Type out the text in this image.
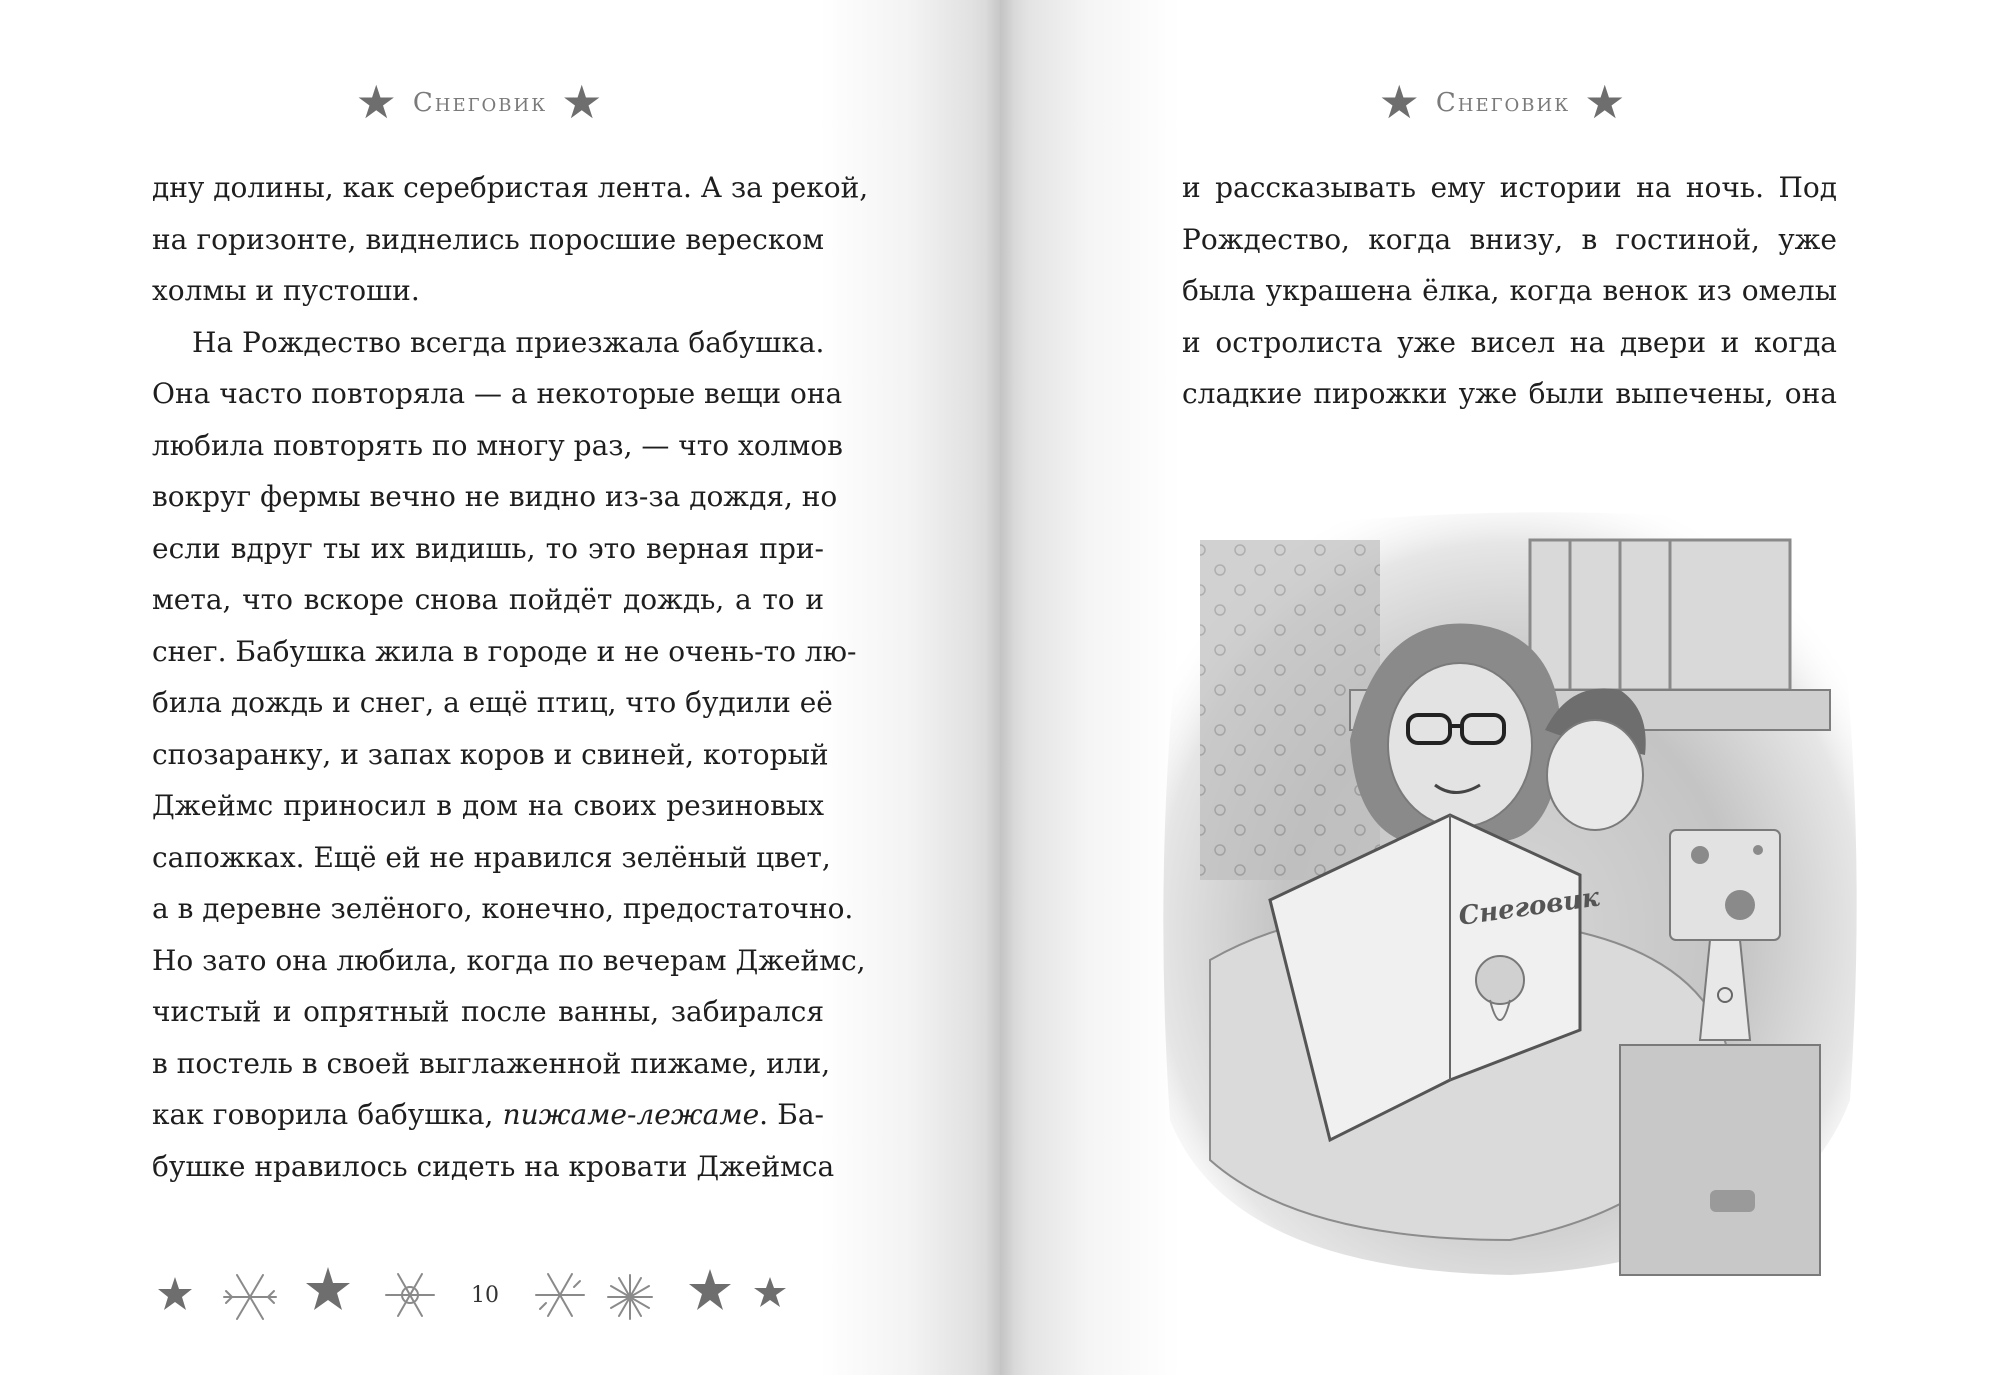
★ Снеговик ★
дну долины, как серебристая лента. А за рекой,
на горизонте, виднелись поросшие вереском
холмы и пустоши.
На Рождество всегда приезжала бабушка.
Она часто повторяла — а некоторые вещи она
любила повторять по многу раз, — что холмов
вокруг фермы вечно не видно из-за дождя, но
если вдруг ты их видишь, то это верная при-
мета, что вскоре снова пойдёт дождь, а то и
снег. Бабушка жила в городе и не очень-то лю-
била дождь и снег, а ещё птиц, что будили её
спозаранку, и запах коров и свиней, который
Джеймс приносил в дом на своих резиновых
сапожках. Ещё ей не нравился зелёный цвет,
а в деревне зелёного, конечно, предостаточно.
Но зато она любила, когда по вечерам Джеймс,
чистый и опрятный после ванны, забирался
в постель в своей выглаженной пижаме, или,
как говорила бабушка, пижаме-лежаме. Ба-
бушке нравилось сидеть на кровати Джеймса
10
★ Снеговик ★
и рассказывать ему истории на ночь. Под
Рождество, когда внизу, в гостиной, уже
была украшена ёлка, когда венок из омелы
и остролиста уже висел на двери и когда
сладкие пирожки уже были выпечены, она
Снеговик
